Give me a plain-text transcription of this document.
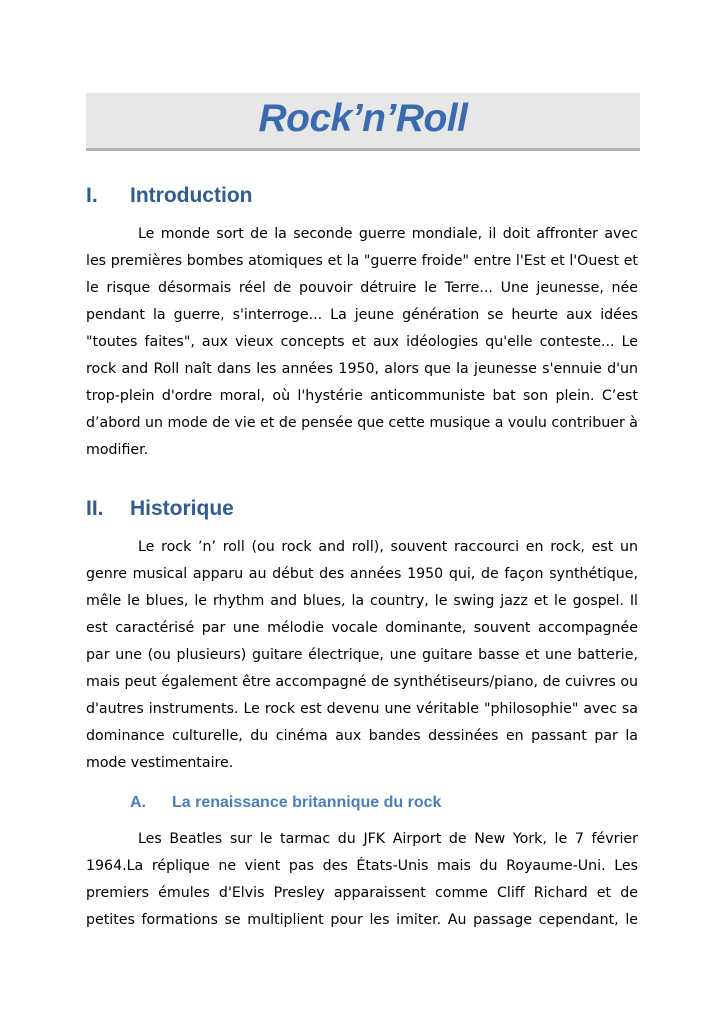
Rock’n’Roll
I. Introduction

Le monde sort de la seconde guerre mondiale, il doit affronter avec les premières bombes atomiques et la "guerre froide" entre l'Est et l'Ouest et le risque désormais réel de pouvoir détruire le Terre... Une jeunesse, née pendant la guerre, s'interroge... La jeune génération se heurte aux idées "toutes faites", aux vieux concepts et aux idéologies qu'elle conteste... Le rock and Roll naît dans les années 1950, alors que la jeunesse s'ennuie d'un trop-plein d'ordre moral, où l'hystérie anticommuniste bat son plein. C’est d’abord un mode de vie et de pensée que cette musique a voulu contribuer à modifier.

II. Historique

Le rock ’n’ roll (ou rock and roll), souvent raccourci en rock, est un genre musical apparu au début des années 1950 qui, de façon synthétique, mêle le blues, le rhythm and blues, la country, le swing jazz et le gospel. Il est caractérisé par une mélodie vocale dominante, souvent accompagnée par une (ou plusieurs) guitare électrique, une guitare basse et une batterie, mais peut également être accompagné de synthétiseurs/piano, de cuivres ou d'autres instruments. Le rock est devenu une véritable "philosophie" avec sa dominance culturelle, du cinéma aux bandes dessinées en passant par la mode vestimentaire.

A. La renaissance britannique du rock

Les Beatles sur le tarmac du JFK Airport de New York, le 7 février 1964.La réplique ne vient pas des États-Unis mais du Royaume-Uni. Les premiers émules d'Elvis Presley apparaissent comme Cliff Richard et de petites formations se multiplient pour les imiter. Au passage cependant, le
